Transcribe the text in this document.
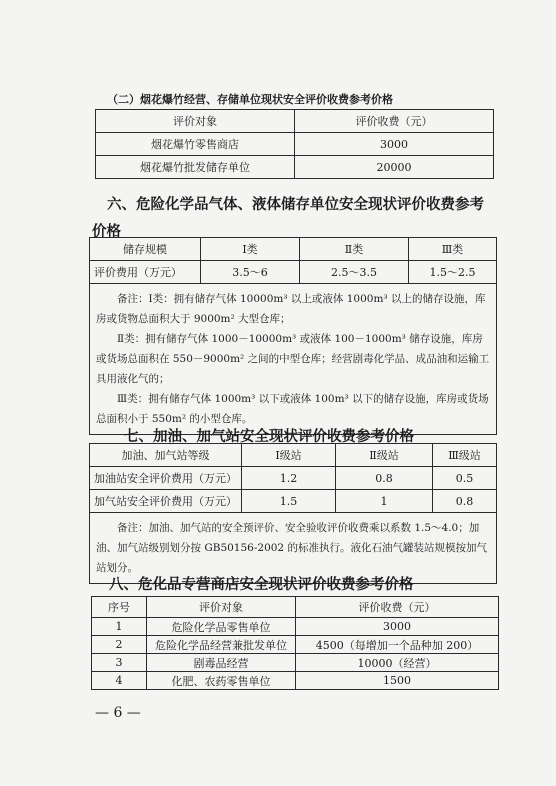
（二）烟花爆竹经营、存储单位现状安全评价收费参考价格
评价对象	评价收费（元）
烟花爆竹零售商店	3000
烟花爆竹批发储存单位	20000
六、危险化学品气体、液体储存单位安全现状评价收费参考
价格
储存规模	Ⅰ类	Ⅱ类	Ⅲ类
评价费用（万元）	3.5～6	2.5～3.5	1.5～2.5

备注：Ⅰ类：拥有储存气体 10000m³ 以上或液体 1000m³ 以上的储存设施，库房或货物总面积大于 9000m² 大型仓库；

Ⅱ类：拥有储存气体 1000－10000m³ 或液体 100－1000m³ 储存设施，库房或货场总面积在 550－9000m² 之间的中型仓库；经营剧毒化学品、成品油和运输工具用液化气的；

Ⅲ类：拥有储存气体 1000m³ 以下或液体 100m³ 以下的储存设施，库房或货场总面积小于 550m² 的小型仓库。			

七、加油、加气站安全现状评价收费参考价格
加油、加气站等级	Ⅰ级站	Ⅱ级站	Ⅲ级站
加油站安全评价费用（万元）	1.2	0.8	0.5
加气站安全评价费用（万元）	1.5	1	0.8

备注：加油、加气站的安全预评价、安全验收评价收费乘以系数 1.5～4.0；加油、加气站级别划分按 GB50156-2002 的标准执行。液化石油气罐装站规模按加气站划分。			

八、危化品专营商店安全现状评价收费参考价格
序号	评价对象	评价收费（元）
1	危险化学品零售单位	3000
2	危险化学品经营兼批发单位	4500（每增加一个品种加 200）
3	剧毒品经营	10000（经营）
4	化肥、农药零售单位	1500
— 6 —
